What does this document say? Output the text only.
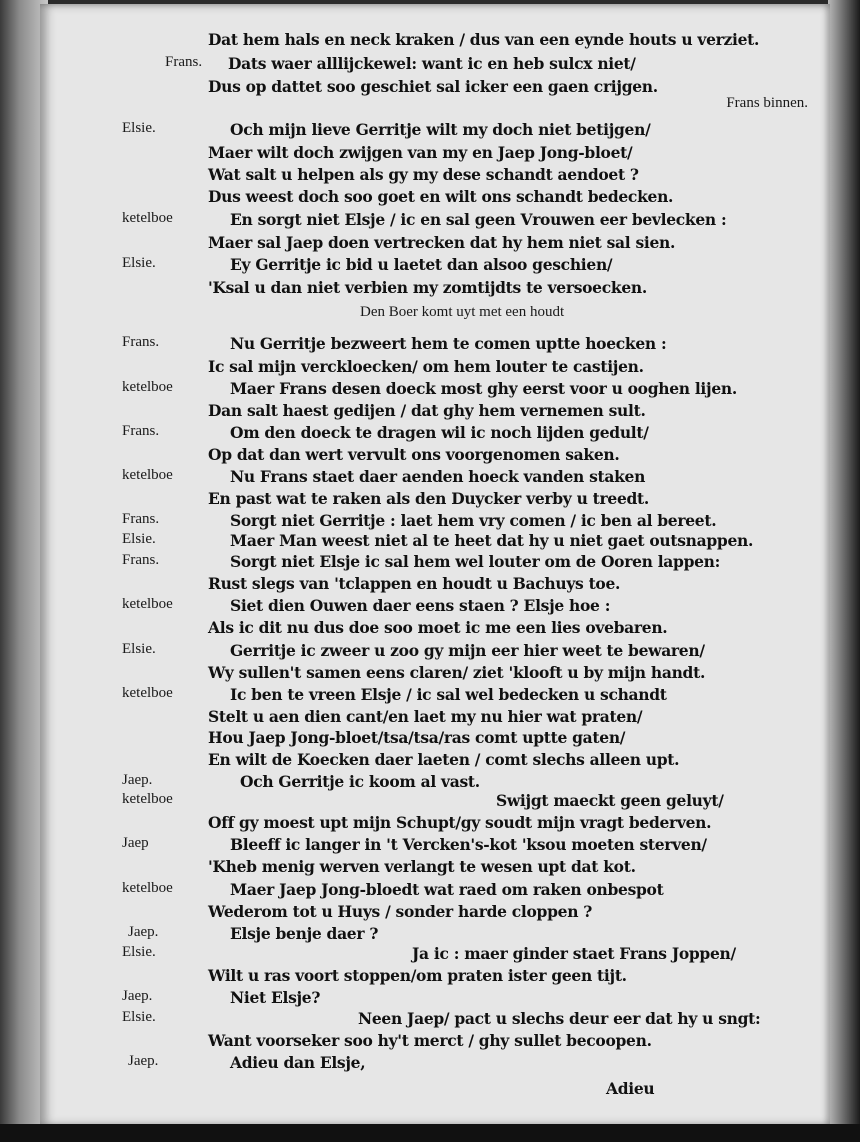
Dat hem hals en neck kraken / dus van een eynde houts u verziet.
Frans. Dats waer alllijckewel: want ic en heb sulcx niet/
Dus op dattet soo geschiet sal icker een gaen crijgen.
Frans binnen.
Elsie.	Och mijn lieve Gerritje wilt my doch niet betijgen/
Maer wilt doch zwijgen van my en Jaep Jong-bloet/
Wat salt u helpen als gy my dese schandt aendoet ?
Dus weest doch soo goet en wilt ons schandt bedecken.
ketelboe	En sorgt niet Elsje / ic en sal geen Vrouwen eer bevlecken :
Maer sal Jaep doen vertrecken dat hy hem niet sal sien.
Elsie.	Ey Gerritje ic bid u laetet dan alsoo geschien/
'Ksal u dan niet verbien my zomtijdts te versoecken.
Den Boer komt uyt met een houdt
Frans.	Nu Gerritje bezweert hem te comen uptte hoecken :
Ic sal mijn verckloecken/ om hem louter te castijen.
ketelboe	Maer Frans desen doeck most ghy eerst voor u ooghen lijen.
Dan salt haest gedijen / dat ghy hem vernemen sult.
Frans.	Om den doeck te dragen wil ic noch lijden gedult/
Op dat dan wert vervult ons voorgenomen saken.
ketelboe	Nu Frans staet daer aenden hoeck vanden staken
En past wat te raken als den Duycker verby u treedt.
Frans.	Sorgt niet Gerritje : laet hem vry comen / ic ben al bereet.
Elsie.	Maer Man weest niet al te heet dat hy u niet gaet outsnappen.
Frans.	Sorgt niet Elsje ic sal hem wel louter om de Ooren lappen:
Rust slegs van 'tclappen en houdt u Bachuys toe.
ketelboe	Siet dien Ouwen daer eens staen ? Elsje hoe :
Als ic dit nu dus doe soo moet ic me een lies ovebaren.
Elsie.	Gerritje ic zweer u zoo gy mijn eer hier weet te bewaren/
Wy sullen't samen eens claren/ ziet 'klooft u by mijn handt.
ketelboe	Ic ben te vreen Elsje / ic sal wel bedecken u schandt
Stelt u aen dien cant/en laet my nu hier wat praten/
Hou Jaep Jong-bloet/tsa/tsa/ras comt uptte gaten/
En wilt de Koecken daer laeten / comt slechs alleen upt.
Jaep.	Och Gerritje ic koom al vast.
ketelboe	Swijgt maeckt geen geluyt/
Off gy moest upt mijn Schupt/gy soudt mijn vragt bederven.
Jaep	Bleeff ic langer in 't Vercken's-kot 'ksou moeten sterven/
'Kheb menig werven verlangt te wesen upt dat kot.
ketelboe	Maer Jaep Jong-bloedt wat raed om raken onbespot
Wederom tot u Huys / sonder harde cloppen ?
Jaep.	Elsje benje daer ?
Elsie.	Ja ic : maer ginder staet Frans Joppen/
Wilt u ras voort stoppen/om praten ister geen tijt.
Jaep.	Niet Elsje?
Elsie.	Neen Jaep/ pact u slechs deur eer dat hy u sngt:
Want voorseker soo hy't merct / ghy sullet becoopen.
Jaep.	Adieu dan Elsje,
Adieu
